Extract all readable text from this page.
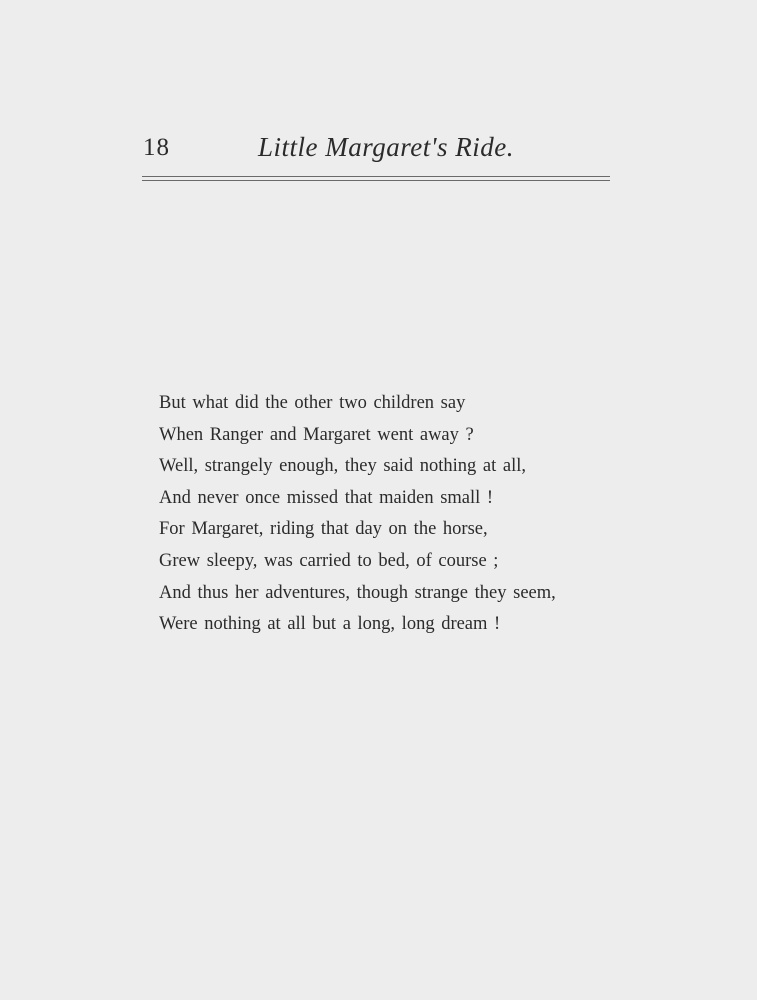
18	Little Margaret's Ride.
But what did the other two children say
When Ranger and Margaret went away ?
Well, strangely enough, they said nothing at all,
And never once missed that maiden small !
For Margaret, riding that day on the horse,
Grew sleepy, was carried to bed, of course ;
And thus her adventures, though strange they seem,
Were nothing at all but a long, long dream !
